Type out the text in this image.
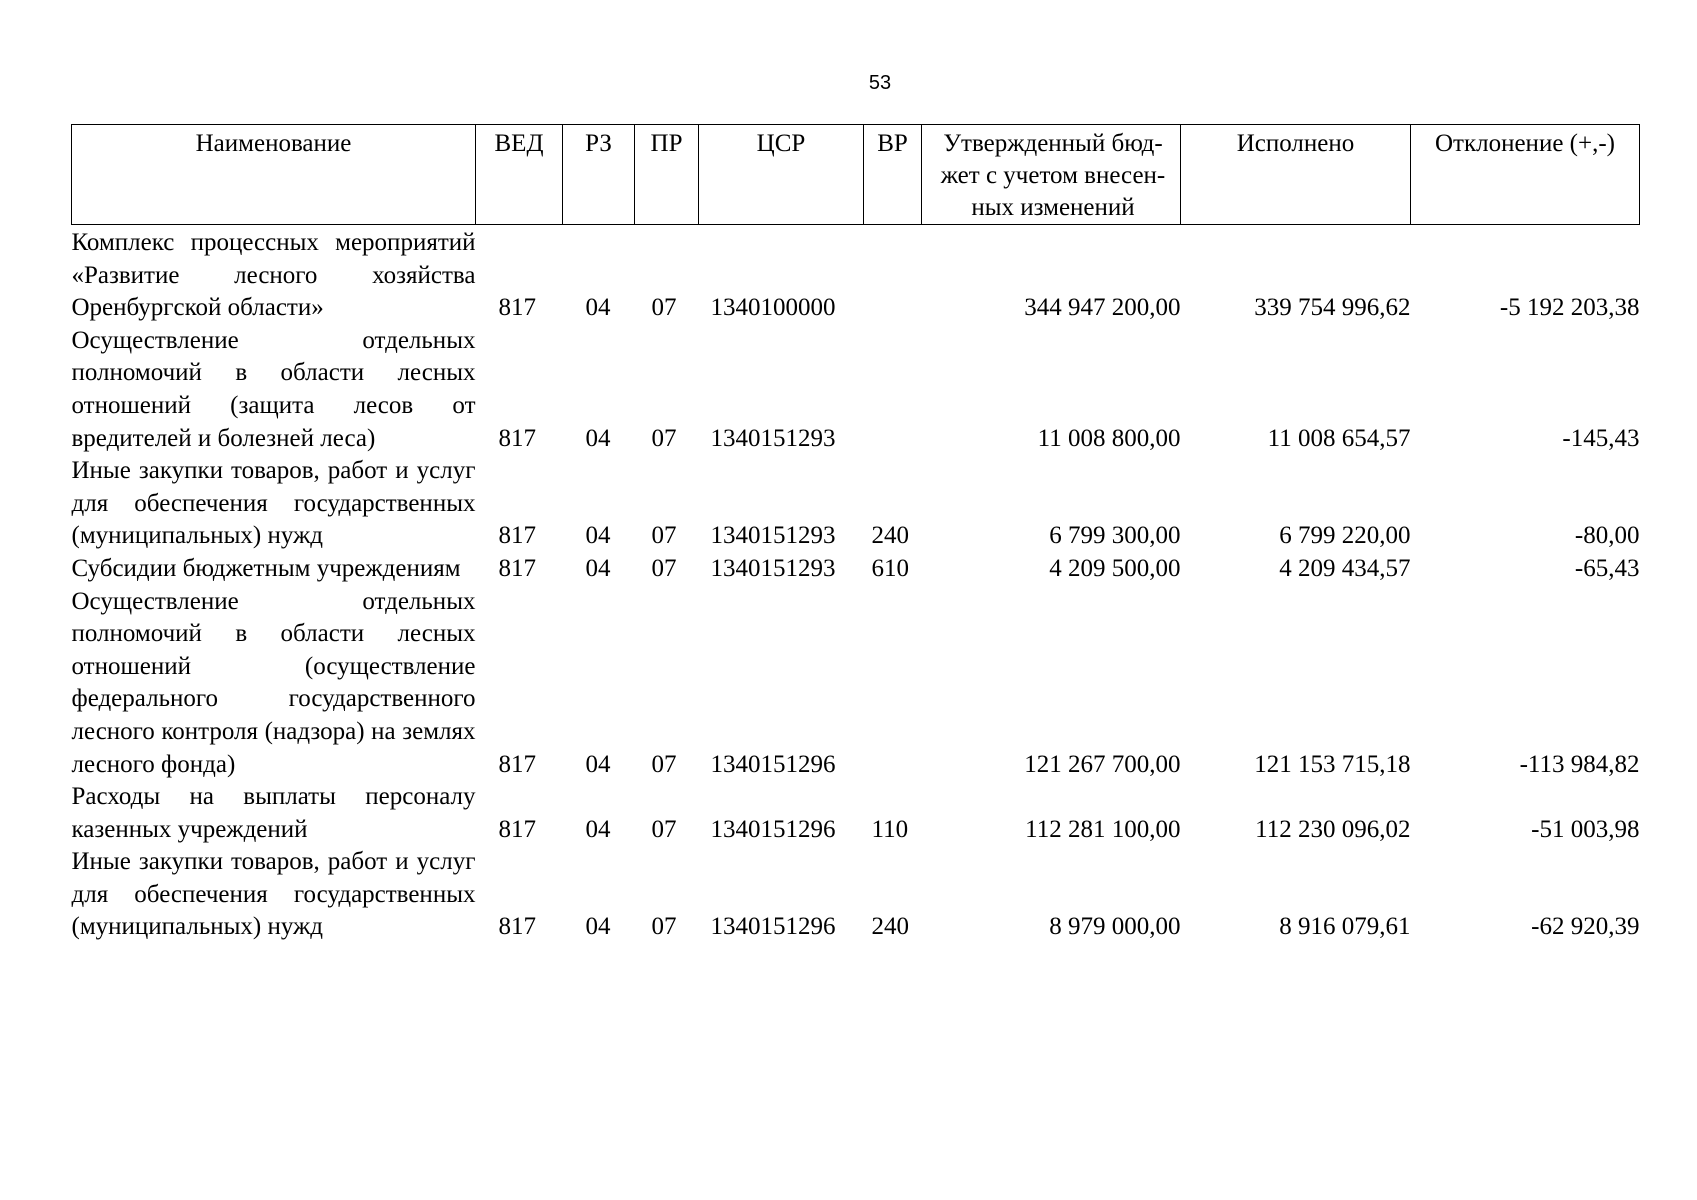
53
Наименование	ВЕД	РЗ	ПР	ЦСР	ВР	Утвержденный бюд-жет с учетом внесен-ных изменений	Исполнено	Отклонение (+,-)
Комплекс процессных мероприятий «Развитие лесного хозяйства Оренбургской области»	817	04	07	1340100000		344 947 200,00	339 754 996,62	-5 192 203,38
Осуществление отдельных полномочий в области лесных отношений (защита лесов от вредителей и болезней леса)	817	04	07	1340151293		11 008 800,00	11 008 654,57	-145,43
Иные закупки товаров, работ и услуг для обеспечения государственных (муниципальных) нужд	817	04	07	1340151293	240	6 799 300,00	6 799 220,00	-80,00
Субсидии бюджетным учреждениям	817	04	07	1340151293	610	4 209 500,00	4 209 434,57	-65,43
Осуществление отдельных полномочий в области лесных отношений (осуществление федерального государственного лесного контроля (надзора) на землях лесного фонда)	817	04	07	1340151296		121 267 700,00	121 153 715,18	-113 984,82
Расходы на выплаты персоналу казенных учреждений	817	04	07	1340151296	110	112 281 100,00	112 230 096,02	-51 003,98
Иные закупки товаров, работ и услуг для обеспечения государственных (муниципальных) нужд	817	04	07	1340151296	240	8 979 000,00	8 916 079,61	-62 920,39
